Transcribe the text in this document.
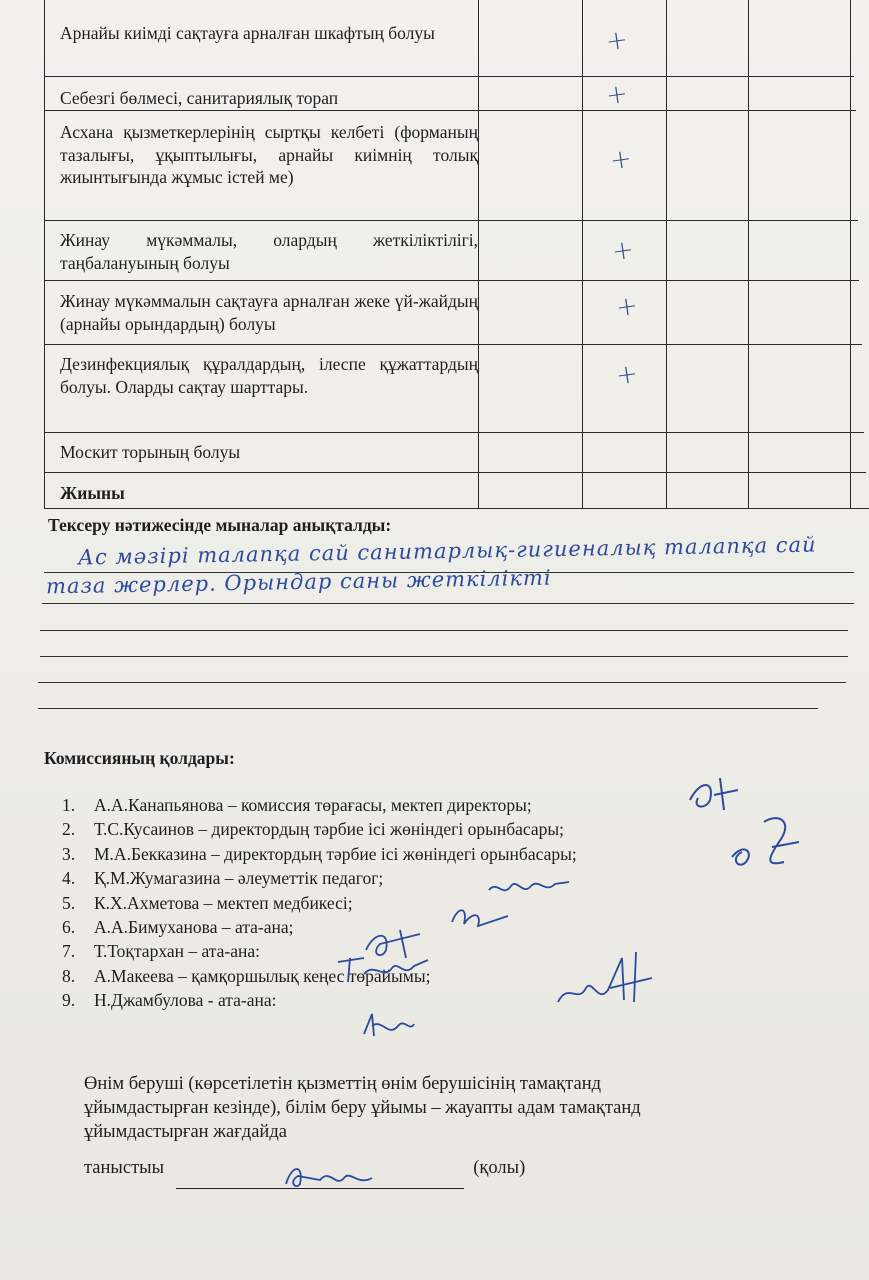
Арнайы киімді сақтауға арналған шкафтың болуы
Себезгі бөлмесі, санитариялық торап
Асхана қызметкерлерінің сыртқы келбеті (форманың тазалығы, ұқыптылығы, арнайы киімнің толық жиынтығында жұмыс істей ме)
Жинау мүкәммалы, олардың жеткіліктілігі, таңбалануының болуы
Жинау мүкәммалын сақтауға арналған жеке үй-жайдың (арнайы орындардың) болуы
Дезинфекциялық құралдардың, ілеспе құжаттардың болуы. Оларды сақтау шарттары.
Москит торының болуы
Жиыны
+
+
+
+
+
+
Тексеру нәтижесінде мыналар анықталды:
Ас мәзірі талапқа сай санитарлық-гигиеналық талапқа сай
таза жерлер. Орындар саны жеткілікті
Комиссияның қолдары:
1. А.А.Канапьянова – комиссия төрағасы, мектеп директоры;
2. Т.С.Кусаинов – директордың тәрбие ісі жөніндегі орынбасары;
3. М.А.Бекказина – директордың тәрбие ісі жөніндегі орынбасары;
4. Қ.М.Жумагазина – әлеуметтік педагог;
5. К.Х.Ахметова – мектеп медбикесі;
6. А.А.Бимуханова – ата-ана;
7. Т.Тоқтархан – ата-ана:
8. А.Макеева – қамқоршылық кеңес төрайымы;
9. Н.Джамбулова - ата-ана:
Өнім беруші (көрсетілетін қызметтің өнім берушісінің тамақтанд
ұйымдастырған кезінде), білім беру ұйымы – жауапты адам тамақтанд
ұйымдастырған жағдайда
таныстыы	(қолы)
